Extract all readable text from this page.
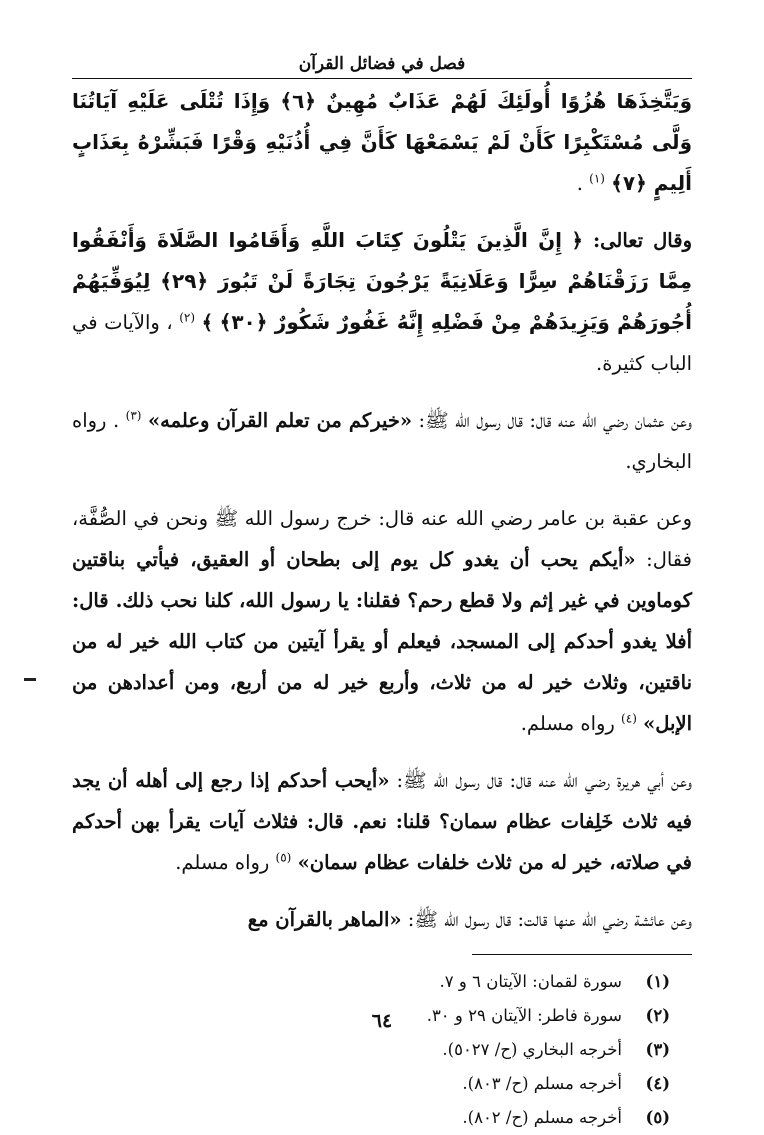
فصل في فضائل القرآن

وَيَتَّخِذَهَا هُزُوًا أُولَئِكَ لَهُمْ عَذَابٌ مُهِينٌ ﴿٦﴾ وَإِذَا تُتْلَى عَلَيْهِ آيَاتُنَا وَلَّى مُسْتَكْبِرًا كَأَنْ لَمْ يَسْمَعْهَا كَأَنَّ فِي أُذُنَيْهِ وَقْرًا فَبَشِّرْهُ بِعَذَابٍ أَلِيمٍ ﴿٧﴾ $^{(١)}$ .

وقال تعالى: ﴿ إِنَّ الَّذِينَ يَتْلُونَ كِتَابَ اللَّهِ وَأَقَامُوا الصَّلَاةَ وَأَنْفَقُوا مِمَّا رَزَقْنَاهُمْ سِرًّا وَعَلَانِيَةً يَرْجُونَ تِجَارَةً لَنْ تَبُورَ ﴿٢٩﴾ لِيُوَفِّيَهُمْ أُجُورَهُمْ وَيَزِيدَهُمْ مِنْ فَضْلِهِ إِنَّهُ غَفُورٌ شَكُورٌ ﴿٣٠﴾ ﴾ $^{(٢)}$ ، والآيات في الباب كثيرة.

وعن عثمان رضي الله عنه قال: قال رسول الله ﷺ: «خيركم من تعلم القرآن وعلمه» $^{(٣)}$ . رواه البخاري.

وعن عقبة بن عامر رضي الله عنه قال: خرج رسول الله ﷺ ونحن في الصُّفَّة، فقال: «أيكم يحب أن يغدو كل يوم إلى بطحان أو العقيق، فيأتي بناقتين كوماوين في غير إثم ولا قطع رحم؟ فقلنا: يا رسول الله، كلنا نحب ذلك. قال: أفلا يغدو أحدكم إلى المسجد، فيعلم أو يقرأ آيتين من كتاب الله خير له من ناقتين، وثلاث خير له من ثلاث، وأربع خير له من أربع، ومن أعدادهن من الإبل» $^{(٤)}$ رواه مسلم.

وعن أبي هريرة رضي الله عنه قال: قال رسول الله ﷺ: «أيحب أحدكم إذا رجع إلى أهله أن يجد فيه ثلاث خَلِفات عظام سمان؟ قلنا: نعم. قال: فثلاث آيات يقرأ بهن أحدكم في صلاته، خير له من ثلاث خلفات عظام سمان» $^{(٥)}$ رواه مسلم.

وعن عائشة رضي الله عنها قالت: قال رسول الله ﷺ: «الماهر بالقرآن مع

(١)
سورة لقمان: الآيتان ٦ و ٧.
(٢)
سورة فاطر: الآيتان ٢٩ و ٣٠.
(٣)
أخرجه البخاري (ح/ ٥٠٢٧).
(٤)
أخرجه مسلم (ح/ ٨٠٣).
(٥)
أخرجه مسلم (ح/ ٨٠٢).
٦٤
